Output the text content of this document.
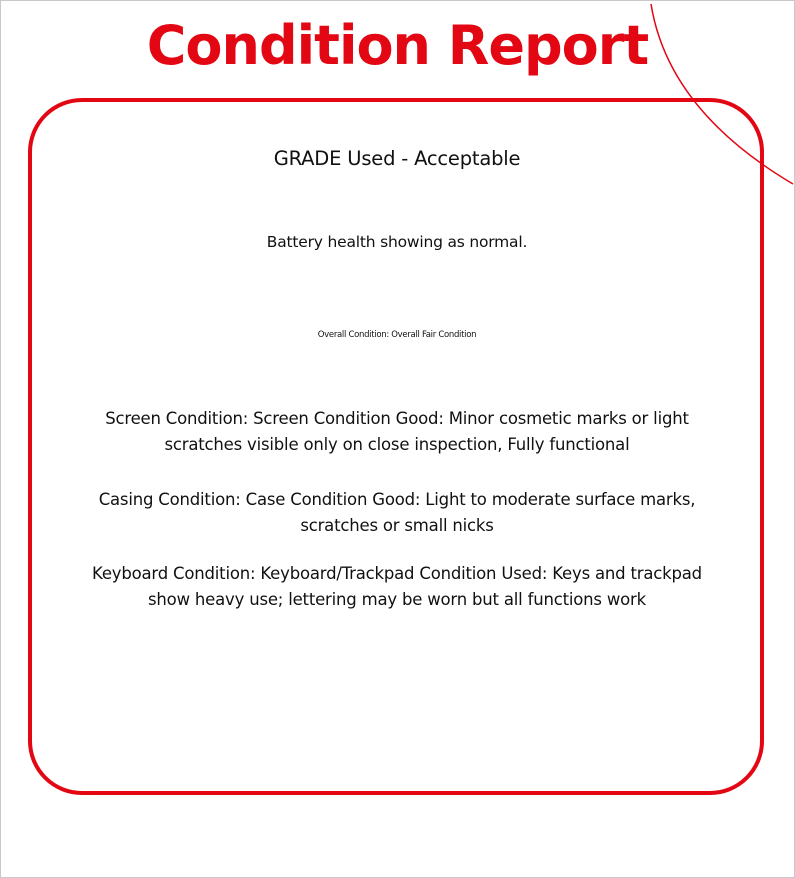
Condition Report
GRADE Used - Acceptable
Battery health showing as normal.
Overall Condition: Overall Fair Condition
Screen Condition: Screen Condition Good: Minor cosmetic marks or light
scratches visible only on close inspection, Fully functional
Casing Condition: Case Condition Good: Light to moderate surface marks,
scratches or small nicks
Keyboard Condition: Keyboard/Trackpad Condition Used: Keys and trackpad
show heavy use; lettering may be worn but all functions work
